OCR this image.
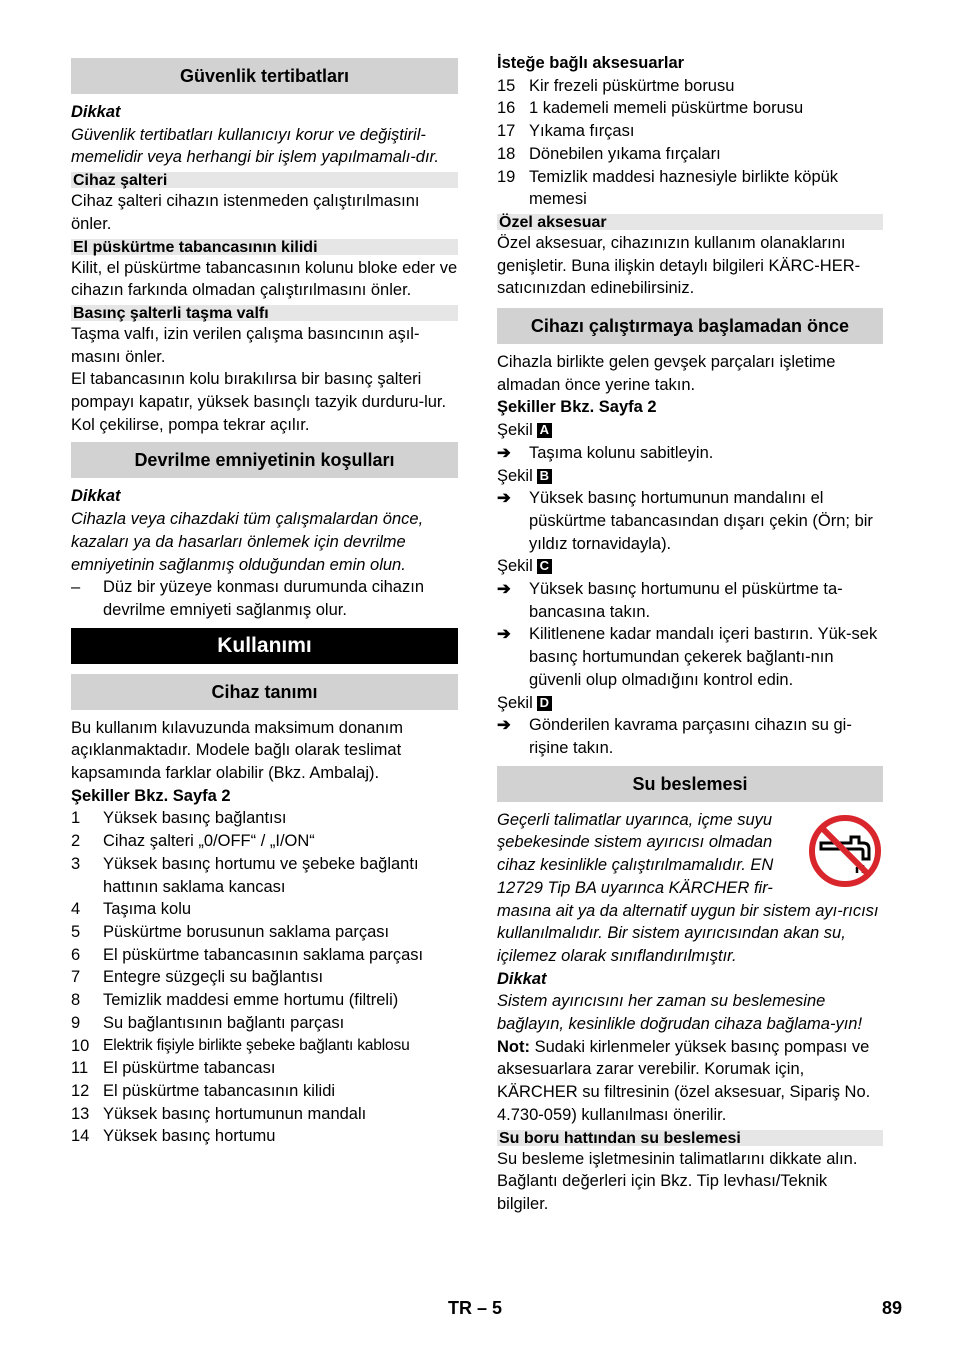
Güvenlik tertibatları
Dikkat
Güvenlik tertibatları kullanıcıyı korur ve değiştiril-memelidir veya herhangi bir işlem yapılmamalı-dır.
Cihaz şalteri
Cihaz şalteri cihazın istenmeden çalıştırılmasını önler.
El püskürtme tabancasının kilidi
Kilit, el püskürtme tabancasının kolunu bloke eder ve cihazın farkında olmadan çalıştırılmasını önler.
Basınç şalterli taşma valfı
Taşma valfı, izin verilen çalışma basıncının aşıl-masını önler.
El tabancasının kolu bırakılırsa bir basınç şalteri pompayı kapatır, yüksek basınçlı tazyik durduru-lur. Kol çekilirse, pompa tekrar açılır.
Devrilme emniyetinin koşulları
Dikkat
Cihazla veya cihazdaki tüm çalışmalardan önce, kazaları ya da hasarları önlemek için devrilme emniyetinin sağlanmış olduğundan emin olun.
–	Düz bir yüzeye konması durumunda cihazın devrilme emniyeti sağlanmış olur.
Kullanımı
Cihaz tanımı
Bu kullanım kılavuzunda maksimum donanım açıklanmaktadır. Modele bağlı olarak teslimat kapsamında farklar olabilir (Bkz. Ambalaj).
Şekiller Bkz. Sayfa 2
1	Yüksek basınç bağlantısı
2	Cihaz şalteri „0/OFF“ / „I/ON“
3	Yüksek basınç hortumu ve şebeke bağlantı hattının saklama kancası
4	Taşıma kolu
5	Püskürtme borusunun saklama parçası
6	El püskürtme tabancasının saklama parçası
7	Entegre süzgeçli su bağlantısı
8	Temizlik maddesi emme hortumu (filtreli)
9	Su bağlantısının bağlantı parçası
10 Elektrik fişiyle birlikte şebeke bağlantı kablosu
11 El püskürtme tabancası
12 El püskürtme tabancasının kilidi
13 Yüksek basınç hortumunun mandalı
14 Yüksek basınç hortumu
İsteğe bağlı aksesuarlar
15 Kir frezeli püskürtme borusu
16 1 kademeli memeli püskürtme borusu
17 Yıkama fırçası
18 Dönebilen yıkama fırçaları
19 Temizlik maddesi haznesiyle birlikte köpük memesi
Özel aksesuar
Özel aksesuar, cihazınızın kullanım olanaklarını genişletir. Buna ilişkin detaylı bilgileri KÄRC-HER-satıcınızdan edinebilirsiniz.
Cihazı çalıştırmaya başlamadan önce
Cihazla birlikte gelen gevşek parçaları işletime almadan önce yerine takın.
Şekiller Bkz. Sayfa 2
Şekil A
➔	Taşıma kolunu sabitleyin.
Şekil B
➔	Yüksek basınç hortumunun mandalını el püskürtme tabancasından dışarı çekin (Örn; bir yıldız tornavidayla).
Şekil C
➔	Yüksek basınç hortumunu el püskürtme ta-bancasına takın.
➔	Kilitlenene kadar mandalı içeri bastırın. Yük-sek basınç hortumundan çekerek bağlantı-nın güvenli olup olmadığını kontrol edin.
Şekil D
➔	Gönderilen kavrama parçasını cihazın su gi-rişine takın.
Su beslemesi
Geçerli talimatlar uyarınca, içme suyu şebekesinde sistem ayırıcısı olmadan cihaz kesinlikle çalıştırılmamalıdır. EN 12729 Tip BA uyarınca KÄRCHER fir-masına ait ya da alternatif uygun bir sistem ayı-rıcısı kullanılmalıdır. Bir sistem ayırıcısından akan su, içilemez olarak sınıflandırılmıştır.
Dikkat
Sistem ayırıcısını her zaman su beslemesine bağlayın, kesinlikle doğrudan cihaza bağlama-yın!
Not: Sudaki kirlenmeler yüksek basınç pompası ve aksesuarlara zarar verebilir. Korumak için, KÄRCHER su filtresinin (özel aksesuar, Sipariş No. 4.730-059) kullanılması önerilir.
Su boru hattından su beslemesi
Su besleme işletmesinin talimatlarını dikkate alın.
Bağlantı değerleri için Bkz. Tip levhası/Teknik bilgiler.
TR – 5	89
